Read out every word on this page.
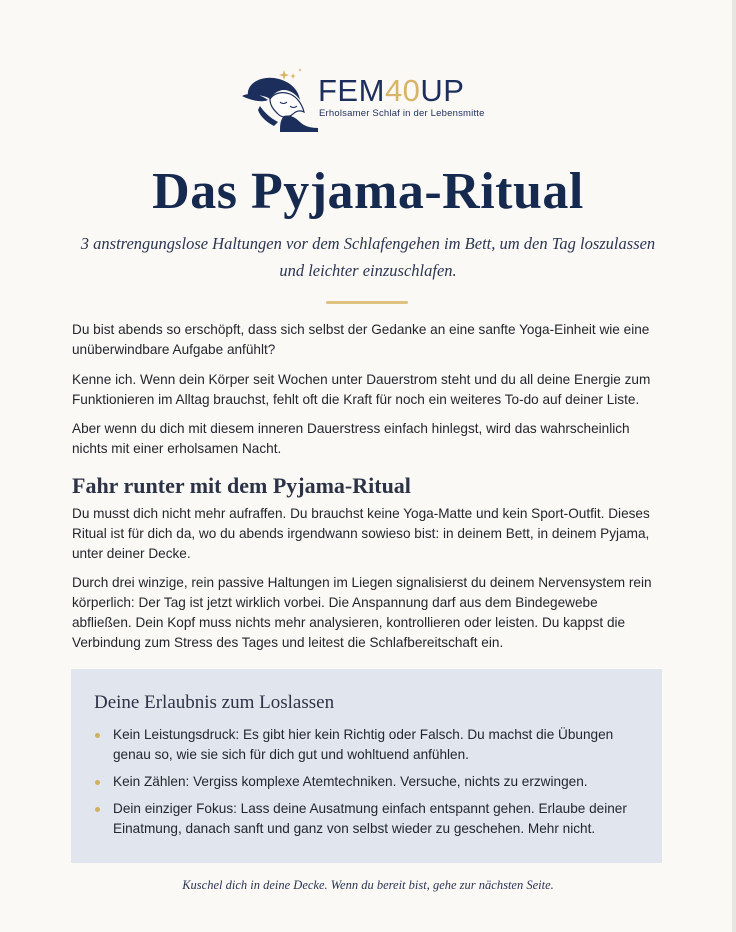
FEM40UP
Erholsamer Schlaf in der Lebensmitte
Das Pyjama-Ritual
3 anstrengungslose Haltungen vor dem Schlafengehen im Bett, um den Tag loszulassen
und leichter einzuschlafen.
Du bist abends so erschöpft, dass sich selbst der Gedanke an eine sanfte Yoga-Einheit wie eine
unüberwindbare Aufgabe anfühlt?
Kenne ich. Wenn dein Körper seit Wochen unter Dauerstrom steht und du all deine Energie zum
Funktionieren im Alltag brauchst, fehlt oft die Kraft für noch ein weiteres To-do auf deiner Liste.
Aber wenn du dich mit diesem inneren Dauerstress einfach hinlegst, wird das wahrscheinlich
nichts mit einer erholsamen Nacht.
Fahr runter mit dem Pyjama-Ritual
Du musst dich nicht mehr aufraffen. Du brauchst keine Yoga-Matte und kein Sport-Outfit. Dieses
Ritual ist für dich da, wo du abends irgendwann sowieso bist: in deinem Bett, in deinem Pyjama,
unter deiner Decke.
Durch drei winzige, rein passive Haltungen im Liegen signalisierst du deinem Nervensystem rein
körperlich: Der Tag ist jetzt wirklich vorbei. Die Anspannung darf aus dem Bindegewebe
abfließen. Dein Kopf muss nichts mehr analysieren, kontrollieren oder leisten. Du kappst die
Verbindung zum Stress des Tages und leitest die Schlafbereitschaft ein.
Deine Erlaubnis zum Loslassen
Kein Leistungsdruck: Es gibt hier kein Richtig oder Falsch. Du machst die Übungen
genau so, wie sie sich für dich gut und wohltuend anfühlen.
Kein Zählen: Vergiss komplexe Atemtechniken. Versuche, nichts zu erzwingen.
Dein einziger Fokus: Lass deine Ausatmung einfach entspannt gehen. Erlaube deiner
Einatmung, danach sanft und ganz von selbst wieder zu geschehen. Mehr nicht.
Kuschel dich in deine Decke. Wenn du bereit bist, gehe zur nächsten Seite.
